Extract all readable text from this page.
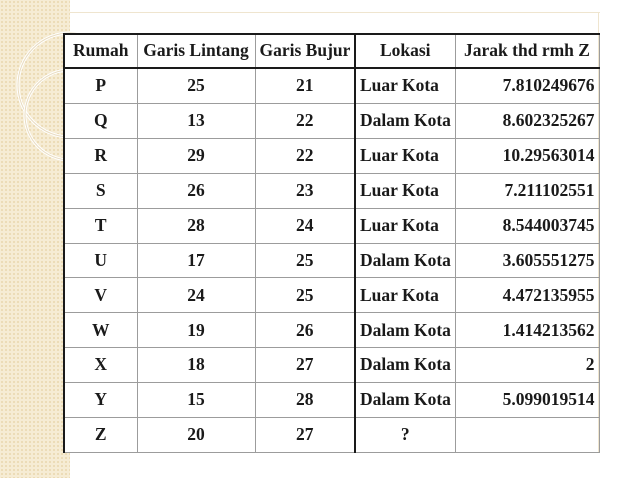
Rumah	Garis Lintang	Garis Bujur	Lokasi	Jarak thd rmh Z
P	25	21	Luar Kota	7.810249676
Q	13	22	Dalam Kota	8.602325267
R	29	22	Luar Kota	10.29563014
S	26	23	Luar Kota	7.211102551
T	28	24	Luar Kota	8.544003745
U	17	25	Dalam Kota	3.605551275
V	24	25	Luar Kota	4.472135955
W	19	26	Dalam Kota	1.414213562
X	18	27	Dalam Kota	2
Y	15	28	Dalam Kota	5.099019514
Z	20	27	?	
